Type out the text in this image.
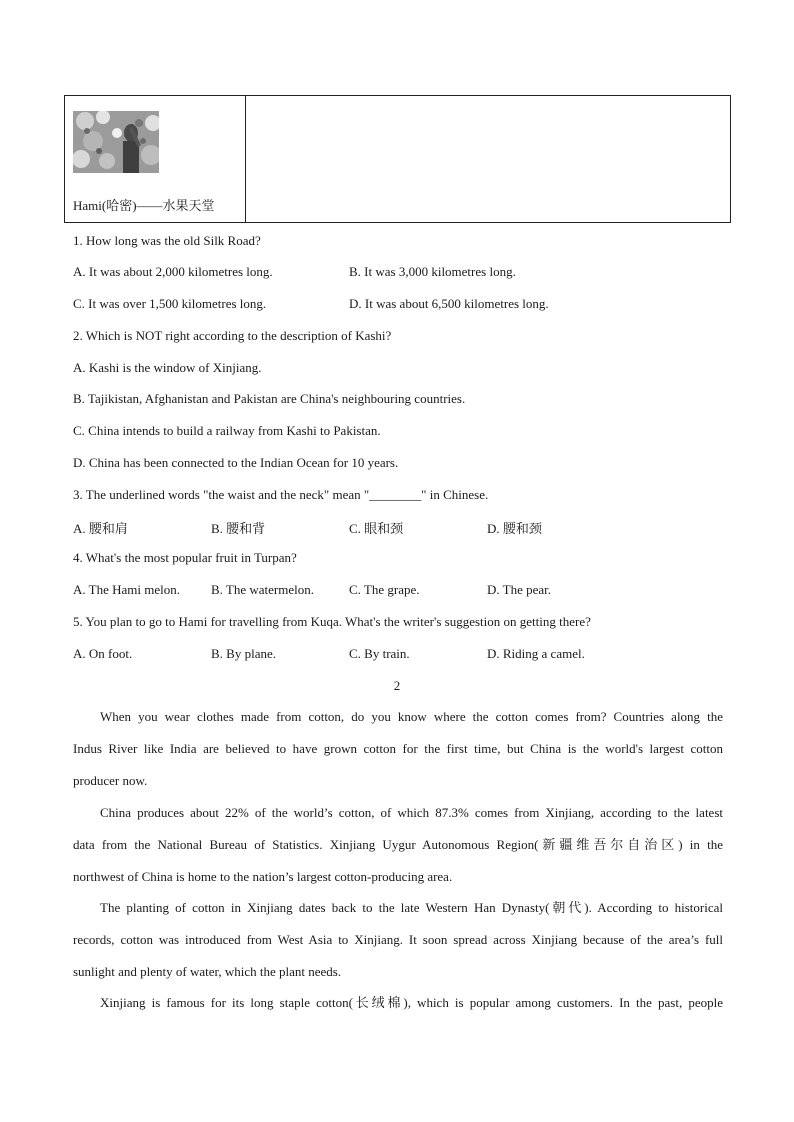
Hami(哈密)——水果天堂
1. How long was the old Silk Road?
A. It was about 2,000 kilometres long.	B. It was 3,000 kilometres long.
C. It was over 1,500 kilometres long.	D. It was about 6,500 kilometres long.
2. Which is NOT right according to the description of Kashi?
A. Kashi is the window of Xinjiang.
B. Tajikistan, Afghanistan and Pakistan are China's neighbouring countries.
C. China intends to build a railway from Kashi to Pakistan.
D. China has been connected to the Indian Ocean for 10 years.
3. The underlined words "the waist and the neck" mean "________" in Chinese.
A. 腰和肩	B. 腰和背	C. 眼和颈	D. 腰和颈
4. What's the most popular fruit in Turpan?
A. The Hami melon. B. The watermelon.	C. The grape.	D. The pear.
5. You plan to go to Hami for travelling from Kuqa. What's the writer's suggestion on getting there?
A. On foot.	B. By plane.	C. By train.	D. Riding a camel.
2
When you wear clothes made from cotton, do you know where the cotton comes from? Countries along the
Indus River like India are believed to have grown cotton for the first time, but China is the world's largest cotton
producer now.
China produces about 22% of the world’s cotton, of which 87.3% comes from Xinjiang, according to the latest
data from the National Bureau of Statistics. Xinjiang Uygur Autonomous Region(新疆维吾尔自治区) in the
northwest of China is home to the nation’s largest cotton-producing area.
The planting of cotton in Xinjiang dates back to the late Western Han Dynasty(朝代). According to historical
records, cotton was introduced from West Asia to Xinjiang. It soon spread across Xinjiang because of the area’s full
sunlight and plenty of water, which the plant needs.
Xinjiang is famous for its long staple cotton(长绒棉), which is popular among customers. In the past, people
